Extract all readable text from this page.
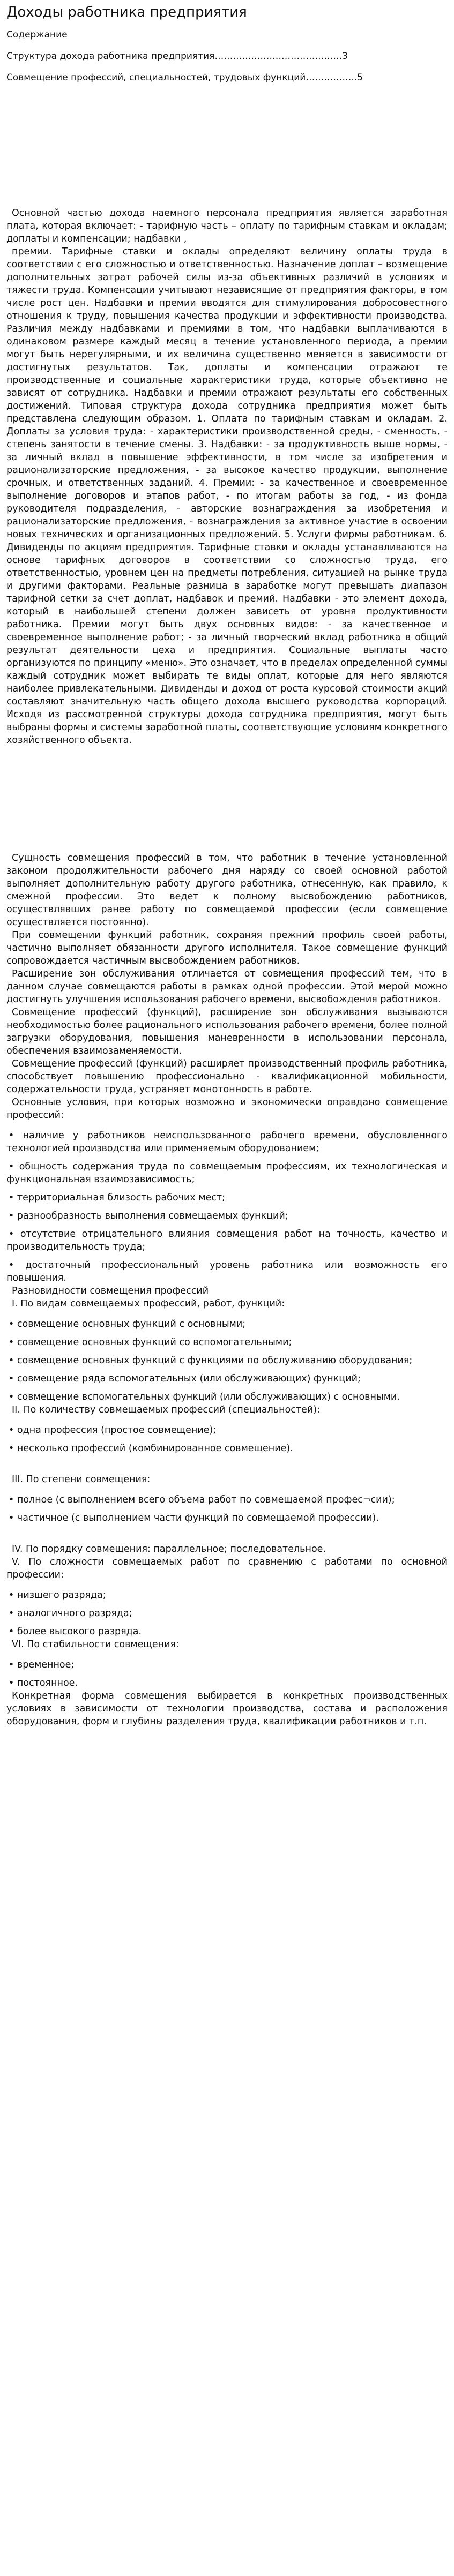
Доходы работника предприятия
Содержание
Структура дохода работника предприятия……………………………………3
Совмещение профессий, специальностей, трудовых функций……………..5

Основной частью дохода наемного персонала предприятия является заработная плата, которая включает: - тарифную часть – оплату по тарифным ставкам и окладам; доплаты и компенсации; надбавки ,

премии. Тарифные ставки и оклады определяют величину оплаты труда в соответствии с его сложностью и ответственностью. Назначение доплат – возмещение дополнительных затрат рабочей силы из-за объективных различий в условиях и тяжести труда. Компенсации учитывают независящие от предприятия факторы, в том числе рост цен. Надбавки и премии вводятся для стимулирования добросовестного отношения к труду, повышения качества продукции и эффективности производства. Различия между надбавками и премиями в том, что надбавки выплачиваются в одинаковом размере каждый месяц в течение установленного периода, а премии могут быть нерегулярными, и их величина существенно меняется в зависимости от достигнутых результатов. Так, доплаты и компенсации отражают те производственные и социальные характеристики труда, которые объективно не зависят от сотрудника. Надбавки и премии отражают результаты его собственных достижений. Типовая структура дохода сотрудника предприятия может быть представлена следующим образом. 1. Оплата по тарифным ставкам и окладам. 2. Доплаты за условия труда: - характеристики производственной среды, - сменность, - степень занятости в течение смены. 3. Надбавки: - за продуктивность выше нормы, - за личный вклад в повышение эффективности, в том числе за изобретения и рационализаторские предложения, - за высокое качество продукции, выполнение срочных, и ответственных заданий. 4. Премии: - за качественное и своевременное выполнение договоров и этапов работ, - по итогам работы за год, - из фонда руководителя подразделения, - авторские вознаграждения за изобретения и рационализаторские предложения, - вознаграждения за активное участие в освоении новых технических и организационных предложений. 5. Услуги фирмы работникам. 6. Дивиденды по акциям предприятия. Тарифные ставки и оклады устанавливаются на основе тарифных договоров в соответствии со сложностью труда, его ответственностью, уровнем цен на предметы потребления, ситуацией на рынке труда и другими факторами. Реальные разница в заработке могут превышать диапазон тарифной сетки за счет доплат, надбавок и премий. Надбавки - это элемент дохода, который в наибольшей степени должен зависеть от уровня продуктивности работника. Премии могут быть двух основных видов: - за качественное и своевременное выполнение работ; - за личный творческий вклад работника в общий результат деятельности цеха и предприятия. Социальные выплаты часто организуются по принципу «меню». Это означает, что в пределах определенной суммы каждый сотрудник может выбирать те виды оплат, которые для него являются наиболее привлекательными. Дивиденды и доход от роста курсовой стоимости акций составляют значительную часть общего дохода высшего руководства корпораций. Исходя из рассмотренной структуры дохода сотрудника предприятия, могут быть выбраны формы и системы заработной платы, соответствующие условиям конкретного хозяйственного объекта.

Сущность совмещения профессий в том, что работник в течение установленной законом продолжительности рабочего дня наряду со своей основной работой выполняет дополнительную работу другого работника, отнесенную, как правило, к смежной профессии. Это ведет к полному высвобождению работников, осуществлявших ранее работу по совмещаемой профессии (если совмещение осуществляется постоянно).

При совмещении функций работник, сохраняя прежний профиль своей работы, частично выполняет обязанности другого исполнителя. Такое совмещение функций сопровождается частичным высвобождением работников.

Расширение зон обслуживания отличается от совмещения профессий тем, что в данном случае совмещаются работы в рамках одной профессии. Этой мерой можно достигнуть улучшения использования рабочего времени, высвобождения работников.

Совмещение профессий (функций), расширение зон обслуживания вызываются необходимостью более рационального использования рабочего времени, более полной загрузки оборудования, повышения маневренности в использовании персонала, обеспечения взаимозаменяемости.

Совмещение профессий (функций) расширяет производственный профиль работника, способствует повышению профессионально - квалификационной мобильности, содержательности труда, устраняет монотонность в работе.

Основные условия, при которых возможно и экономически оправдано совмещение профессий:

• наличие у работников неиспользованного рабочего времени, обусловленного технологией производства или применяемым оборудованием;

• общность содержания труда по совмещаемым профессиям, их технологическая и функциональная взаимозависимость;

• территориальная близость рабочих мест;

• разнообразность выполнения совмещаемых функций;

• отсутствие отрицательного влияния совмещения работ на точность, качество и производительность труда;

• достаточный профессиональный уровень работника или возможность его повышения.

Разновидности совмещения профессий

I. По видам совмещаемых профессий, работ, функций:

• совмещение основных функций с основными;

• совмещение основных функций со вспомогательными;

• совмещение основных функций с функциями по обслуживанию оборудования;

• совмещение ряда вспомогательных (или обслуживающих) функций;

• совмещение вспомогательных функций (или обслуживающих) с основными.

II. По количеству совмещаемых профессий (специальностей):

• одна профессия (простое совмещение);

• несколько профессий (комбинированное совмещение).

III. По степени совмещения:

• полное (с выполнением всего объема работ по совмещаемой профес¬сии);

• частичное (с выполнением части функций по совмещаемой профессии).

IV. По порядку совмещения: параллельное; последовательное.

V. По сложности совмещаемых работ по сравнению с работами по основной профессии:

• низшего разряда;

• аналогичного разряда;

• более высокого разряда.

VI. По стабильности совмещения:

• временное;

• постоянное.

Конкретная форма совмещения выбирается в конкретных производственных условиях в зависимости от технологии производства, состава и расположения оборудования, форм и глубины разделения труда, квалификации работников и т.п.
